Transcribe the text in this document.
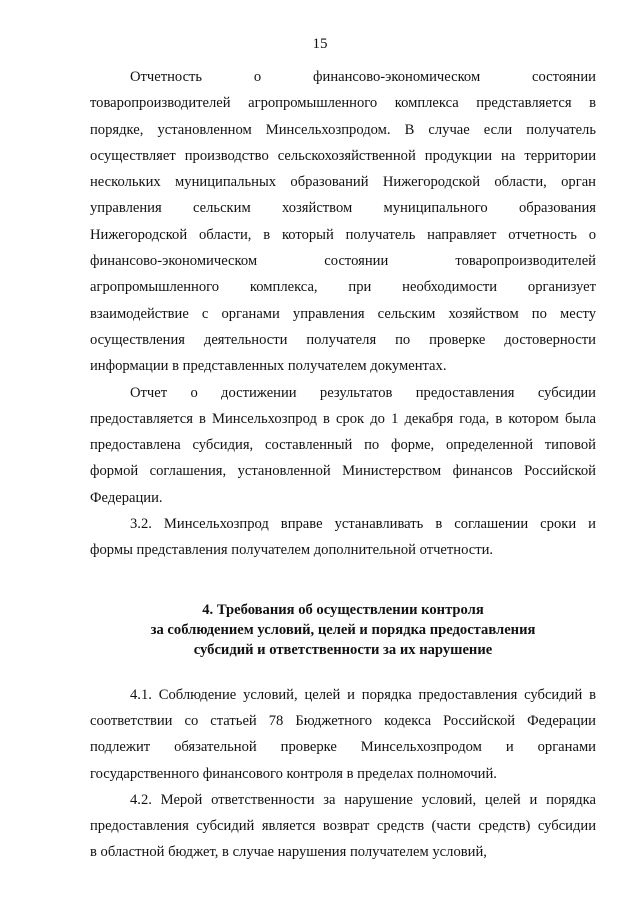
15
Отчетность о финансово-экономическом состоянии
товаропроизводителей агропромышленного комплекса представляется в
порядке, установленном Минсельхозпродом. В случае если получатель
осуществляет производство сельскохозяйственной продукции на территории
нескольких муниципальных образований Нижегородской области, орган
управления сельским хозяйством муниципального образования
Нижегородской области, в который получатель направляет отчетность о
финансово-экономическом состоянии товаропроизводителей
агропромышленного комплекса, при необходимости организует
взаимодействие с органами управления сельским хозяйством по месту
осуществления деятельности получателя по проверке достоверности
информации в представленных получателем документах.
Отчет о достижении результатов предоставления субсидии
предоставляется в Минсельхозпрод в срок до 1 декабря года, в котором была
предоставлена субсидия, составленный по форме, определенной типовой
формой соглашения, установленной Министерством финансов Российской
Федерации.
3.2. Минсельхозпрод вправе устанавливать в соглашении сроки и
формы представления получателем дополнительной отчетности.
4. Требования об осуществлении контроля
за соблюдением условий, целей и порядка предоставления
субсидий и ответственности за их нарушение
4.1. Соблюдение условий, целей и порядка предоставления субсидий в
соответствии со статьей 78 Бюджетного кодекса Российской Федерации
подлежит обязательной проверке Минсельхозпродом и органами
государственного финансового контроля в пределах полномочий.
4.2. Мерой ответственности за нарушение условий, целей и порядка
предоставления субсидий является возврат средств (части средств) субсидии
в областной бюджет, в случае нарушения получателем условий,
